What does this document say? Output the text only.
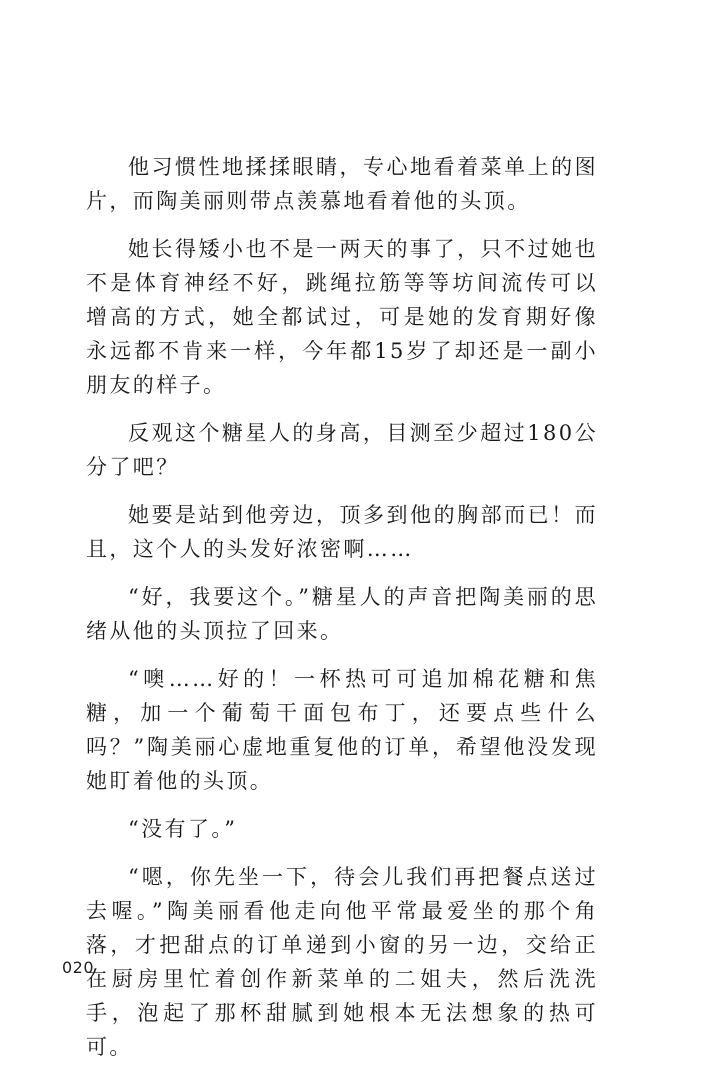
他习惯性地揉揉眼睛，专心地看着菜单上的图片，而陶美丽则带点羡慕地看着他的头顶。

她长得矮小也不是一两天的事了，只不过她也不是体育神经不好，跳绳拉筋等等坊间流传可以增高的方式，她全都试过，可是她的发育期好像永远都不肯来一样，今年都15岁了却还是一副小朋友的样子。

反观这个糖星人的身高，目测至少超过180公分了吧？

她要是站到他旁边，顶多到他的胸部而已！而且，这个人的头发好浓密啊……

“好，我要这个。”糖星人的声音把陶美丽的思绪从他的头顶拉了回来。

“噢……好的！一杯热可可追加棉花糖和焦糖，加一个葡萄干面包布丁，还要点些什么吗？”陶美丽心虚地重复他的订单，希望他没发现她盯着他的头顶。

“没有了。”

“嗯，你先坐一下，待会儿我们再把餐点送过去喔。”陶美丽看他走向他平常最爱坐的那个角落，才把甜点的订单递到小窗的另一边，交给正在厨房里忙着创作新菜单的二姐夫，然后洗洗手，泡起了那杯甜腻到她根本无法想象的热可可。

020
